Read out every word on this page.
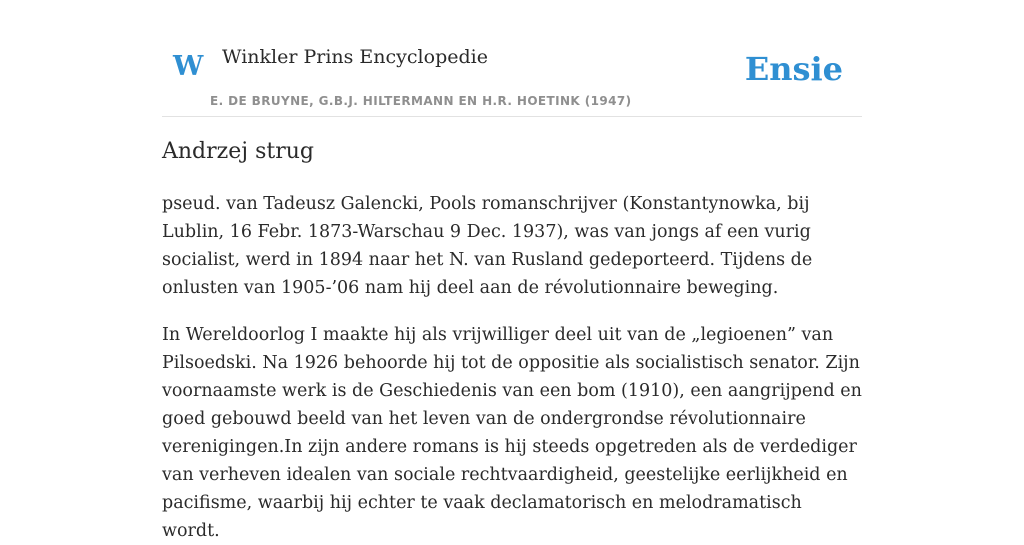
W Winkler Prins Encyclopedie
E. DE BRUYNE, G.B.J. HILTERMANN EN H.R. HOETINK (1947)
Ensie
Andrzej strug

pseud. van Tadeusz Galencki, Pools romanschrijver (Konstantynowka, bij Lublin, 16 Febr. 1873-Warschau 9 Dec. 1937), was van jongs af een vurig socialist, werd in 1894 naar het N. van Rusland gedeporteerd. Tijdens de onlusten van 1905-’06 nam hij deel aan de révolutionnaire beweging.

In Wereldoorlog I maakte hij als vrijwilliger deel uit van de „legioenen” van Pilsoedski. Na 1926 behoorde hij tot de oppositie als socialistisch senator. Zijn voornaamste werk is de Geschiedenis van een bom (1910), een aangrijpend en goed gebouwd beeld van het leven van de ondergrondse révolutionnaire verenigingen.In zijn andere romans is hij steeds opgetreden als de verdediger van verheven idealen van sociale rechtvaardigheid, geestelijke eerlijkheid en pacifisme, waarbij hij echter te vaak declamatorisch en melodramatisch wordt.
